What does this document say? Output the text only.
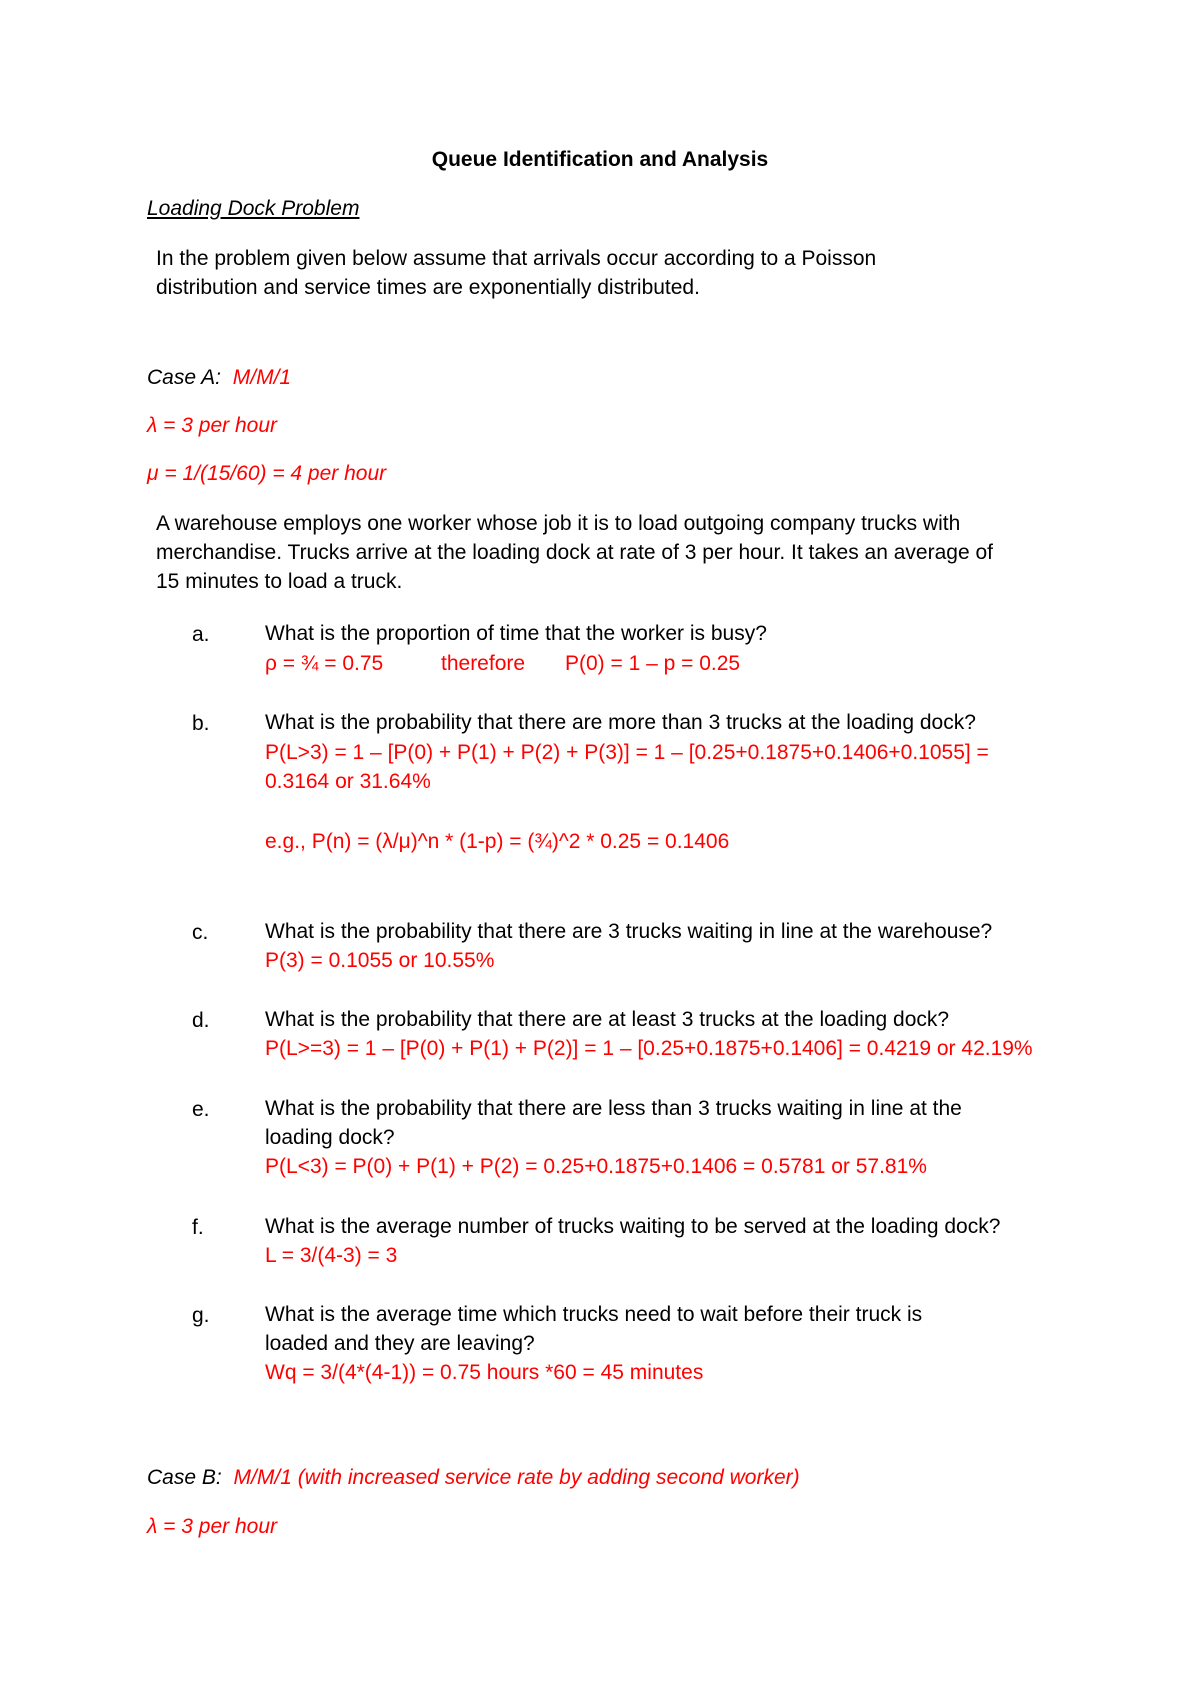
Queue Identification and Analysis
Loading Dock Problem
In the problem given below assume that arrivals occur according to a Poisson
distribution and service times are exponentially distributed.
Case A: M/M/1
λ = 3 per hour
μ = 1/(15/60) = 4 per hour
A warehouse employs one worker whose job it is to load outgoing company trucks with
merchandise. Trucks arrive at the loading dock at rate of 3 per hour. It takes an average of
15 minutes to load a truck.
a.	What is the proportion of time that the worker is busy?
ρ = ¾ = 0.75	therefore P(0) = 1 – p = 0.25
b.	What is the probability that there are more than 3 trucks at the loading dock?
P(L>3) = 1 – [P(0) + P(1) + P(2) + P(3)] = 1 – [0.25+0.1875+0.1406+0.1055] =
0.3164 or 31.64%
e.g., P(n) = (λ/μ)^n * (1-p) = (¾)^2 * 0.25 = 0.1406
c.	What is the probability that there are 3 trucks waiting in line at the warehouse?
P(3) = 0.1055 or 10.55%
d.	What is the probability that there are at least 3 trucks at the loading dock?
P(L>=3) = 1 – [P(0) + P(1) + P(2)] = 1 – [0.25+0.1875+0.1406] = 0.4219 or 42.19%
e.	What is the probability that there are less than 3 trucks waiting in line at the
loading dock?
P(L<3) = P(0) + P(1) + P(2) = 0.25+0.1875+0.1406 = 0.5781 or 57.81%
f.	What is the average number of trucks waiting to be served at the loading dock?
L = 3/(4-3) = 3
g.	What is the average time which trucks need to wait before their truck is
loaded and they are leaving?
Wq = 3/(4*(4-1)) = 0.75 hours *60 = 45 minutes
Case B: M/M/1 (with increased service rate by adding second worker)
λ = 3 per hour
